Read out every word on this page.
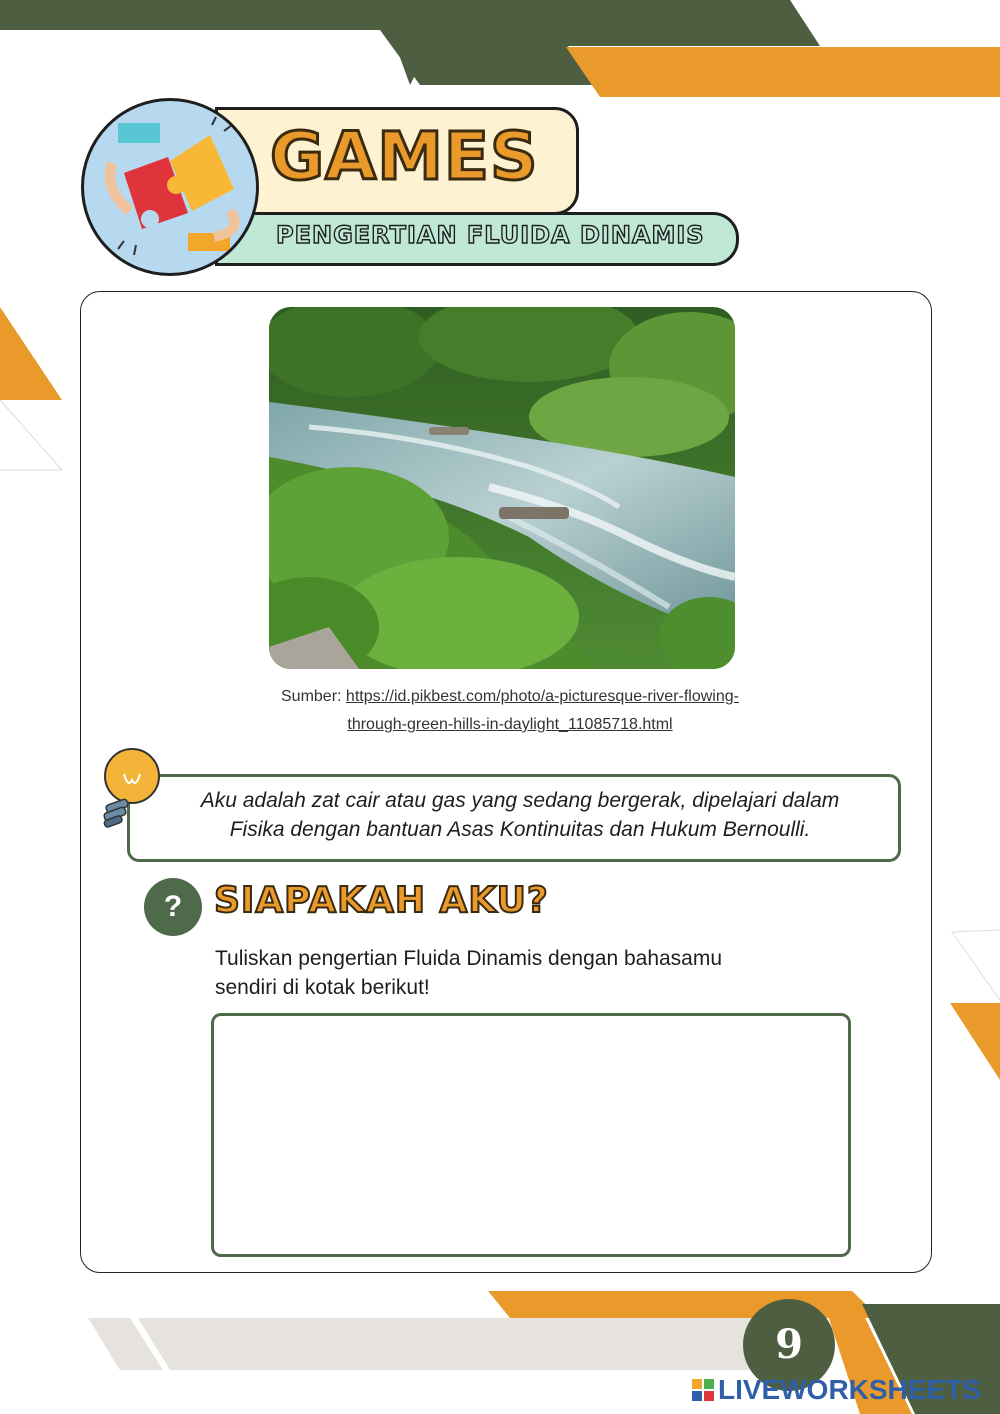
GAMES
PENGERTIAN FLUIDA DINAMIS
Sumber: https://id.pikbest.com/photo/a-picturesque-river-flowing-
through-green-hills-in-daylight_11085718.html
Aku adalah zat cair atau gas yang sedang bergerak, dipelajari dalam
Fisika dengan bantuan Asas Kontinuitas dan Hukum Bernoulli.
? SIAPAKAH AKU?
Tuliskan pengertian Fluida Dinamis dengan bahasamu
sendiri di kotak berikut!
9
LIVEWORKSHEETS
